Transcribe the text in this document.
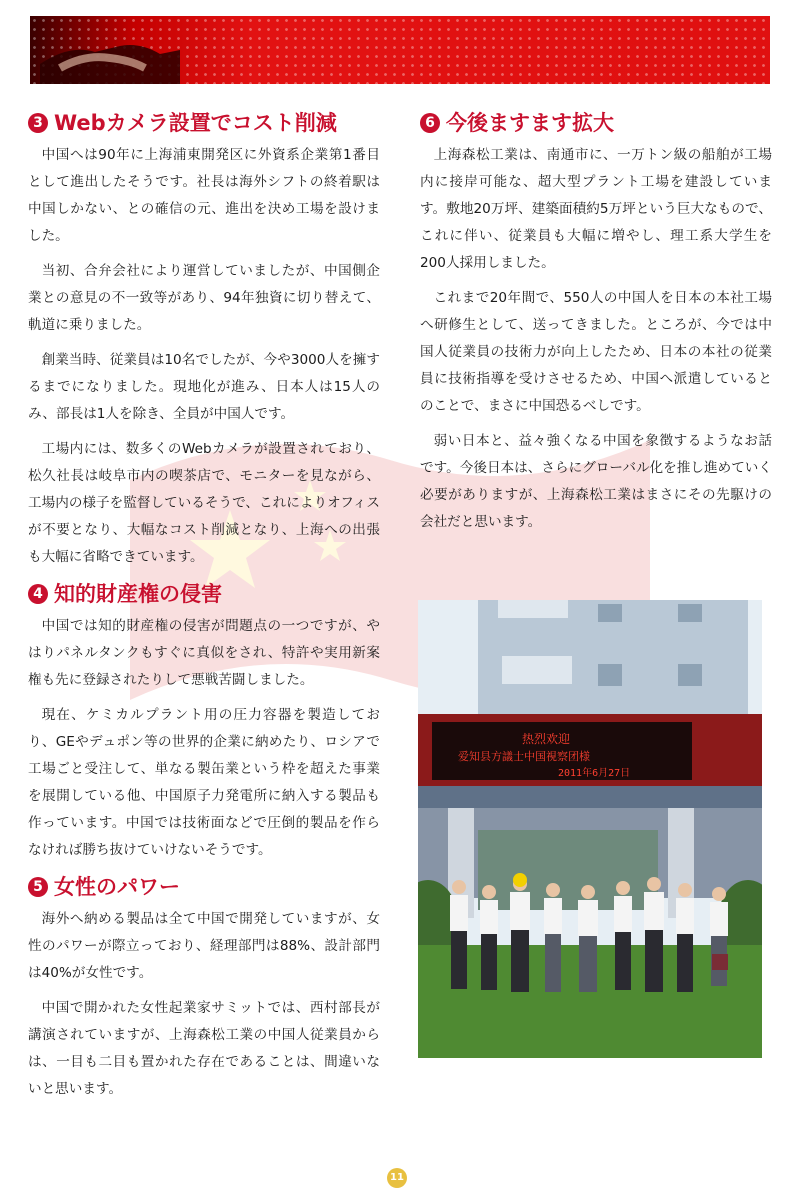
3 Webカメラ設置でコスト削減

中国へは90年に上海浦東開発区に外資系企業第1番目として進出したそうです。社長は海外シフトの終着駅は中国しかない、との確信の元、進出を決め工場を設けました。

当初、合弁会社により運営していましたが、中国側企業との意見の不一致等があり、94年独資に切り替えて、軌道に乗りました。

創業当時、従業員は10名でしたが、今や3000人を擁するまでになりました。現地化が進み、日本人は15人のみ、部長は1人を除き、全員が中国人です。

工場内には、数多くのWebカメラが設置されており、松久社長は岐阜市内の喫茶店で、モニターを見ながら、工場内の様子を監督しているそうで、これによりオフィスが不要となり、大幅なコスト削減となり、上海への出張も大幅に省略できています。

4 知的財産権の侵害

中国では知的財産権の侵害が問題点の一つですが、やはりパネルタンクもすぐに真似をされ、特許や実用新案権も先に登録されたりして悪戦苦闘しました。

現在、ケミカルプラント用の圧力容器を製造しており、GEやデュポン等の世界的企業に納めたり、ロシアで工場ごと受注して、単なる製缶業という枠を超えた事業を展開している他、中国原子力発電所に納入する製品も作っています。中国では技術面などで圧倒的製品を作らなければ勝ち抜けていけないそうです。

5 女性のパワー

海外へ納める製品は全て中国で開発していますが、女性のパワーが際立っており、経理部門は88%、設計部門は40%が女性です。

中国で開かれた女性起業家サミットでは、西村部長が講演されていますが、上海森松工業の中国人従業員からは、一目も二目も置かれた存在であることは、間違いないと思います。

6 今後ますます拡大

上海森松工業は、南通市に、一万トン級の船舶が工場内に接岸可能な、超大型プラント工場を建設しています。敷地20万坪、建築面積約5万坪という巨大なもので、これに伴い、従業員も大幅に増やし、理工系大学生を200人採用しました。

これまで20年間で、550人の中国人を日本の本社工場へ研修生として、送ってきました。ところが、今では中国人従業員の技術力が向上したため、日本の本社の従業員に技術指導を受けさせるため、中国へ派遣しているとのことで、まさに中国恐るべしです。

弱い日本と、益々強くなる中国を象徴するようなお話です。今後日本は、さらにグローバル化を推し進めていく必要がありますが、上海森松工業はまさにその先駆けの会社だと思います。

热烈欢迎
爱知县方議士中国視察团様
2011年6月27日
11
